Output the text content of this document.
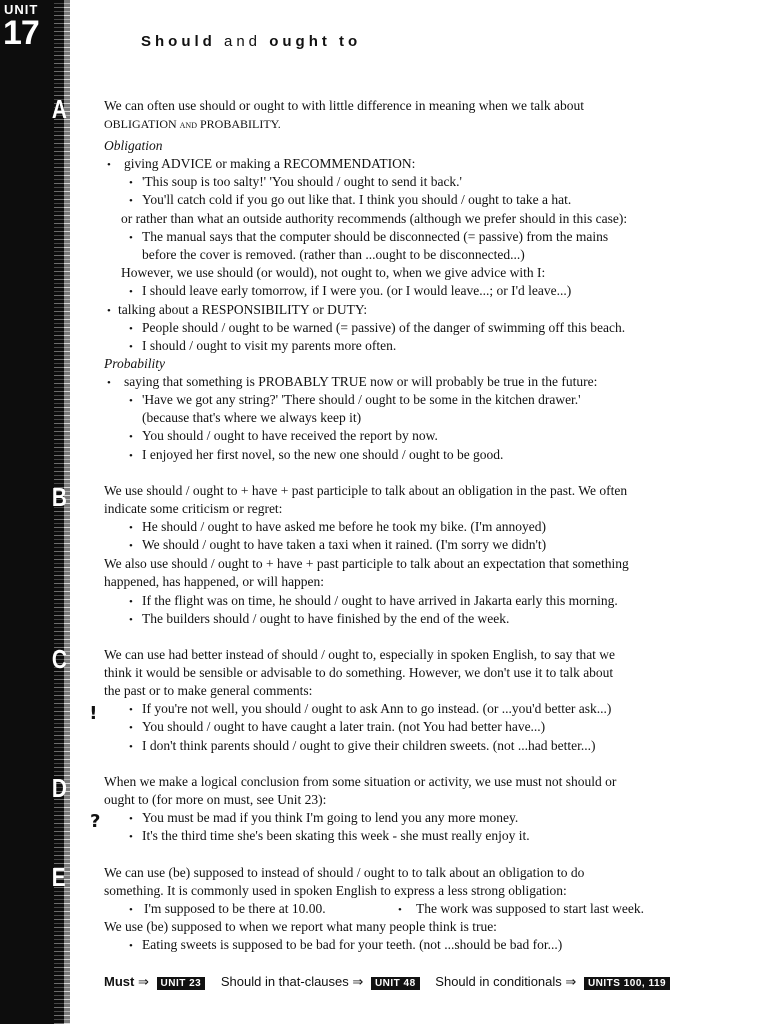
UNIT
17
A
B
C
D
E
Should and ought to
We can often use should or ought to with little difference in meaning when we talk about
OBLIGATION and PROBABILITY.
Obligation
• giving ADVICE or making a RECOMMENDATION:
• 'This soup is too salty!' 'You should / ought to send it back.'
• You'll catch cold if you go out like that. I think you should / ought to take a hat.
or rather than what an outside authority recommends (although we prefer should in this case):
• The manual says that the computer should be disconnected (= passive) from the mains
before the cover is removed. (rather than ...ought to be disconnected...)
However, we use should (or would), not ought to, when we give advice with I:
• I should leave early tomorrow, if I were you. (or I would leave...; or I'd leave...)
• talking about a RESPONSIBILITY or DUTY:
• People should / ought to be warned (= passive) of the danger of swimming off this beach.
• I should / ought to visit my parents more often.
Probability
• saying that something is PROBABLY TRUE now or will probably be true in the future:
• 'Have we got any string?' 'There should / ought to be some in the kitchen drawer.'
(because that's where we always keep it)
• You should / ought to have received the report by now.
• I enjoyed her first novel, so the new one should / ought to be good.
We use should / ought to + have + past participle to talk about an obligation in the past. We often
indicate some criticism or regret:
• He should / ought to have asked me before he took my bike. (I'm annoyed)
• We should / ought to have taken a taxi when it rained. (I'm sorry we didn't)
We also use should / ought to + have + past participle to talk about an expectation that something
happened, has happened, or will happen:
• If the flight was on time, he should / ought to have arrived in Jakarta early this morning.
• The builders should / ought to have finished by the end of the week.
We can use had better instead of should / ought to, especially in spoken English, to say that we
think it would be sensible or advisable to do something. However, we don't use it to talk about
the past or to make general comments:
ǃ	• If you're not well, you should / ought to ask Ann to go instead. (or ...you'd better ask...)
• You should / ought to have caught a later train. (not You had better have...)
• I don't think parents should / ought to give their children sweets. (not ...had better...)
When we make a logical conclusion from some situation or activity, we use must not should or
ought to (for more on must, see Unit 23):
?	• You must be mad if you think I'm going to lend you any more money.
• It's the third time she's been skating this week - she must really enjoy it.
We can use (be) supposed to instead of should / ought to to talk about an obligation to do
something. It is commonly used in spoken English to express a less strong obligation:
• I'm supposed to be there at 10.00.	• The work was supposed to start last week.
We use (be) supposed to when we report what many people think is true:
• Eating sweets is supposed to be bad for your teeth. (not ...should be bad for...)
Must ⇒ UNIT 23 Should in that-clauses ⇒ UNIT 48 Should in conditionals ⇒ UNITS 100, 119
